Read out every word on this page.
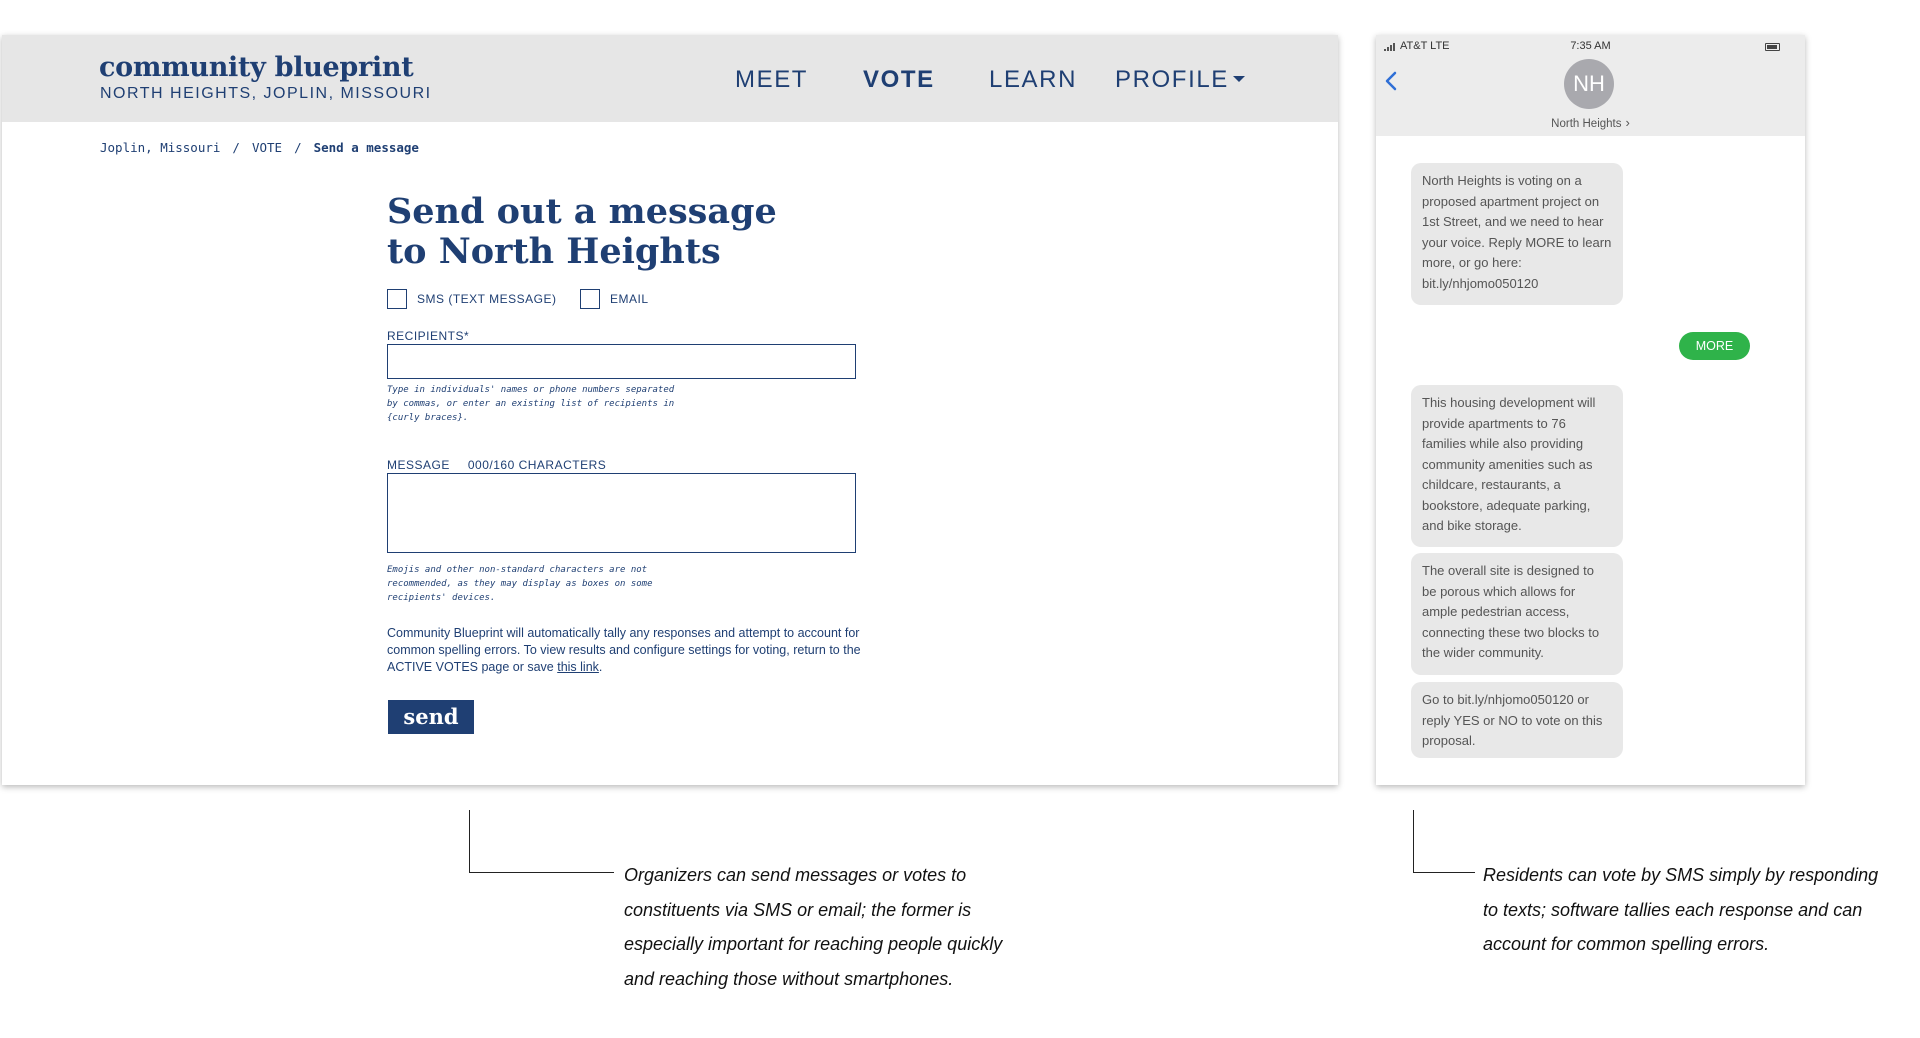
community blueprint
NORTH HEIGHTS, JOPLIN, MISSOURI
MEET VOTE LEARN PROFILE
Joplin, Missouri / VOTE / Send a message
Send out a message
to North Heights
SMS (TEXT MESSAGE)	EMAIL
RECIPIENTS*
Type in individuals' names or phone numbers separated by commas, or enter an existing list of recipients in {curly braces}.
MESSAGE 000/160 CHARACTERS
Emojis and other non-standard characters are not recommended, as they may display as boxes on some recipients' devices.

Community Blueprint will automatically tally any responses and attempt to account for common spelling errors. To view results and configure settings for voting, return to the ACTIVE VOTES page or save this link.

send
AT&T LTE	7:35 AM
NH
North Heights ›
North Heights is voting on a proposed apartment project on 1st Street, and we need to hear your voice. Reply MORE to learn more, or go here: bit.ly/nhjomo050120
MORE
This housing development will provide apartments to 76 families while also providing community amenities such as childcare, restaurants, a bookstore, adequate parking, and bike storage.
The overall site is designed to be porous which allows for ample pedestrian access, connecting these two blocks to the wider community.
Go to bit.ly/nhjomo050120 or reply YES or NO to vote on this proposal.
Organizers can send messages or votes to
constituents via SMS or email; the former is
especially important for reaching people quickly
and reaching those without smartphones.
Residents can vote by SMS simply by responding
to texts; software tallies each response and can
account for common spelling errors.
